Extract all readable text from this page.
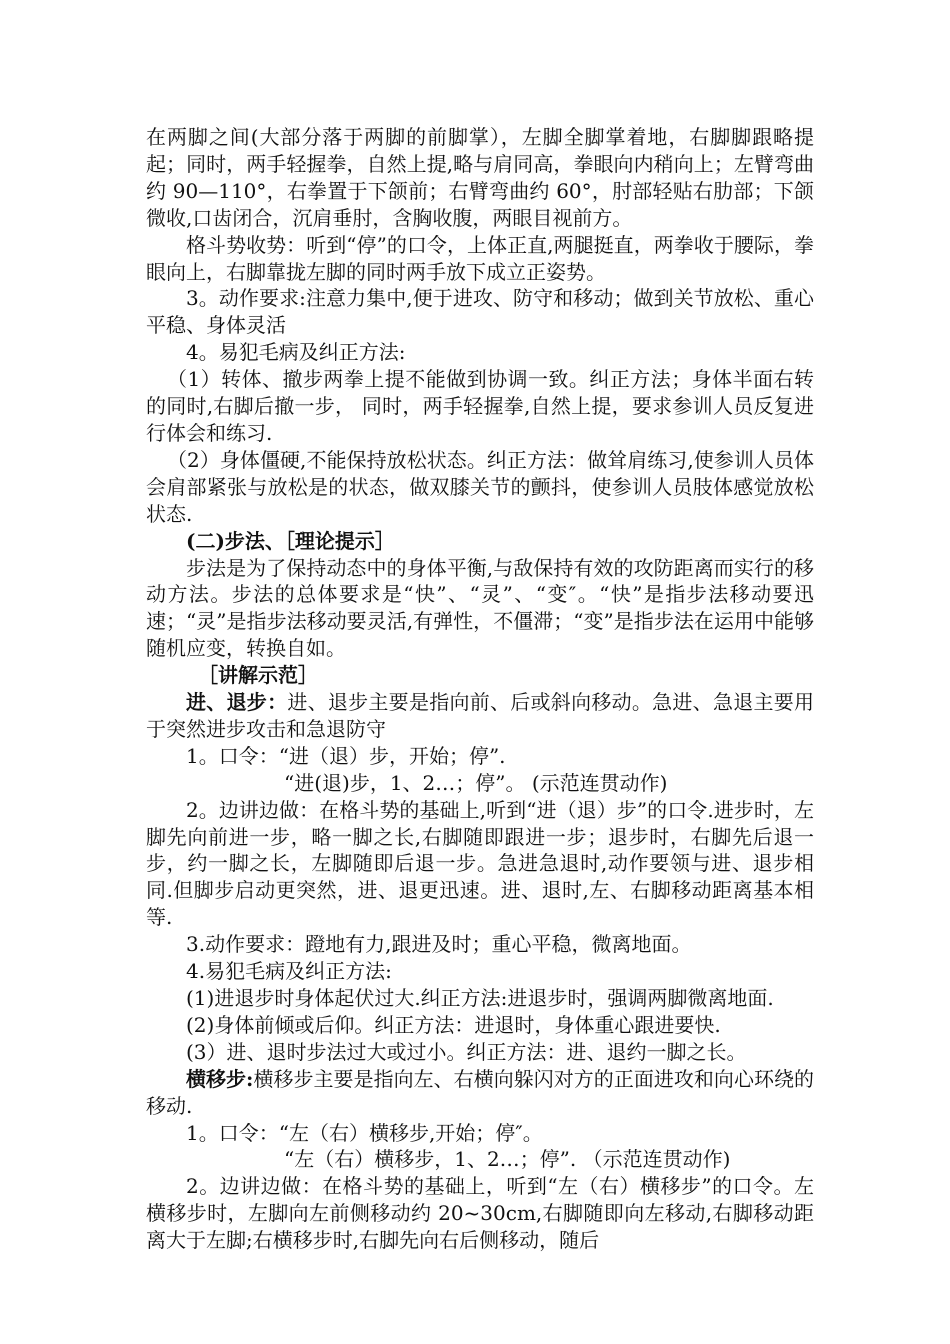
在两脚之间(大部分落于两脚的前脚掌），左脚全脚掌着地，右脚脚跟略提起；同时，两手轻握拳，自然上提,略与肩同高，拳眼向内稍向上；左臂弯曲约 90—110°，右拳置于下颌前；右臂弯曲约 60°，肘部轻贴右肋部；下颌微收,口齿闭合，沉肩垂肘，含胸收腹，两眼目视前方。

格斗势收势：听到“停”的口令，上体正直,两腿挺直，两拳收于腰际，拳眼向上，右脚靠拢左脚的同时两手放下成立正姿势。

3。动作要求:注意力集中,便于进攻、防守和移动；做到关节放松、重心平稳、身体灵活

4。易犯毛病及纠正方法:

（1）转体、撤步两拳上提不能做到协调一致。纠正方法；身体半面右转的同时,右脚后撤一步， 同时，两手轻握拳,自然上提，要求参训人员反复进行体会和练习.

（2）身体僵硬,不能保持放松状态。纠正方法：做耸肩练习,使参训人员体会肩部紧张与放松是的状态，做双膝关节的颤抖，使参训人员肢体感觉放松状态.

(二)步法、［理论提示］

步法是为了保持动态中的身体平衡,与敌保持有效的攻防距离而实行的移动方法。步法的总体要求是“快”、“灵”、“变″。“快”是指步法移动要迅速；“灵”是指步法移动要灵活,有弹性，不僵滞；“变”是指步法在运用中能够随机应变，转换自如。

［讲解示范］

进、退步：进、退步主要是指向前、后或斜向移动。急进、急退主要用于突然进步攻击和急退防守

1。口令：“进（退）步，开始；停”.

“进(退)步，1、2…；停”。 (示范连贯动作)

2。边讲边做：在格斗势的基础上,听到“进（退）步”的口令.进步时，左脚先向前进一步，略一脚之长,右脚随即跟进一步；退步时，右脚先后退一步，约一脚之长，左脚随即后退一步。急进急退时,动作要领与进、退步相同.但脚步启动更突然，进、退更迅速。进、退时,左、右脚移动距离基本相等.

3.动作要求：蹬地有力,跟进及时；重心平稳，微离地面。

4.易犯毛病及纠正方法:

(1)进退步时身体起伏过大.纠正方法:进退步时，强调两脚微离地面.

(2)身体前倾或后仰。纠正方法：进退时，身体重心跟进要快.

(3）进、退时步法过大或过小。纠正方法：进、退约一脚之长。

横移步:横移步主要是指向左、右横向躲闪对方的正面进攻和向心环绕的移动.

1。口令：“左（右）横移步,开始；停″。

“左（右）横移步，1、2…；停”. （示范连贯动作)

2。边讲边做：在格斗势的基础上，听到“左（右）横移步”的口令。左横移步时，左脚向左前侧移动约 20~30cm,右脚随即向左移动,右脚移动距离大于左脚;右横移步时,右脚先向右后侧移动，随后
